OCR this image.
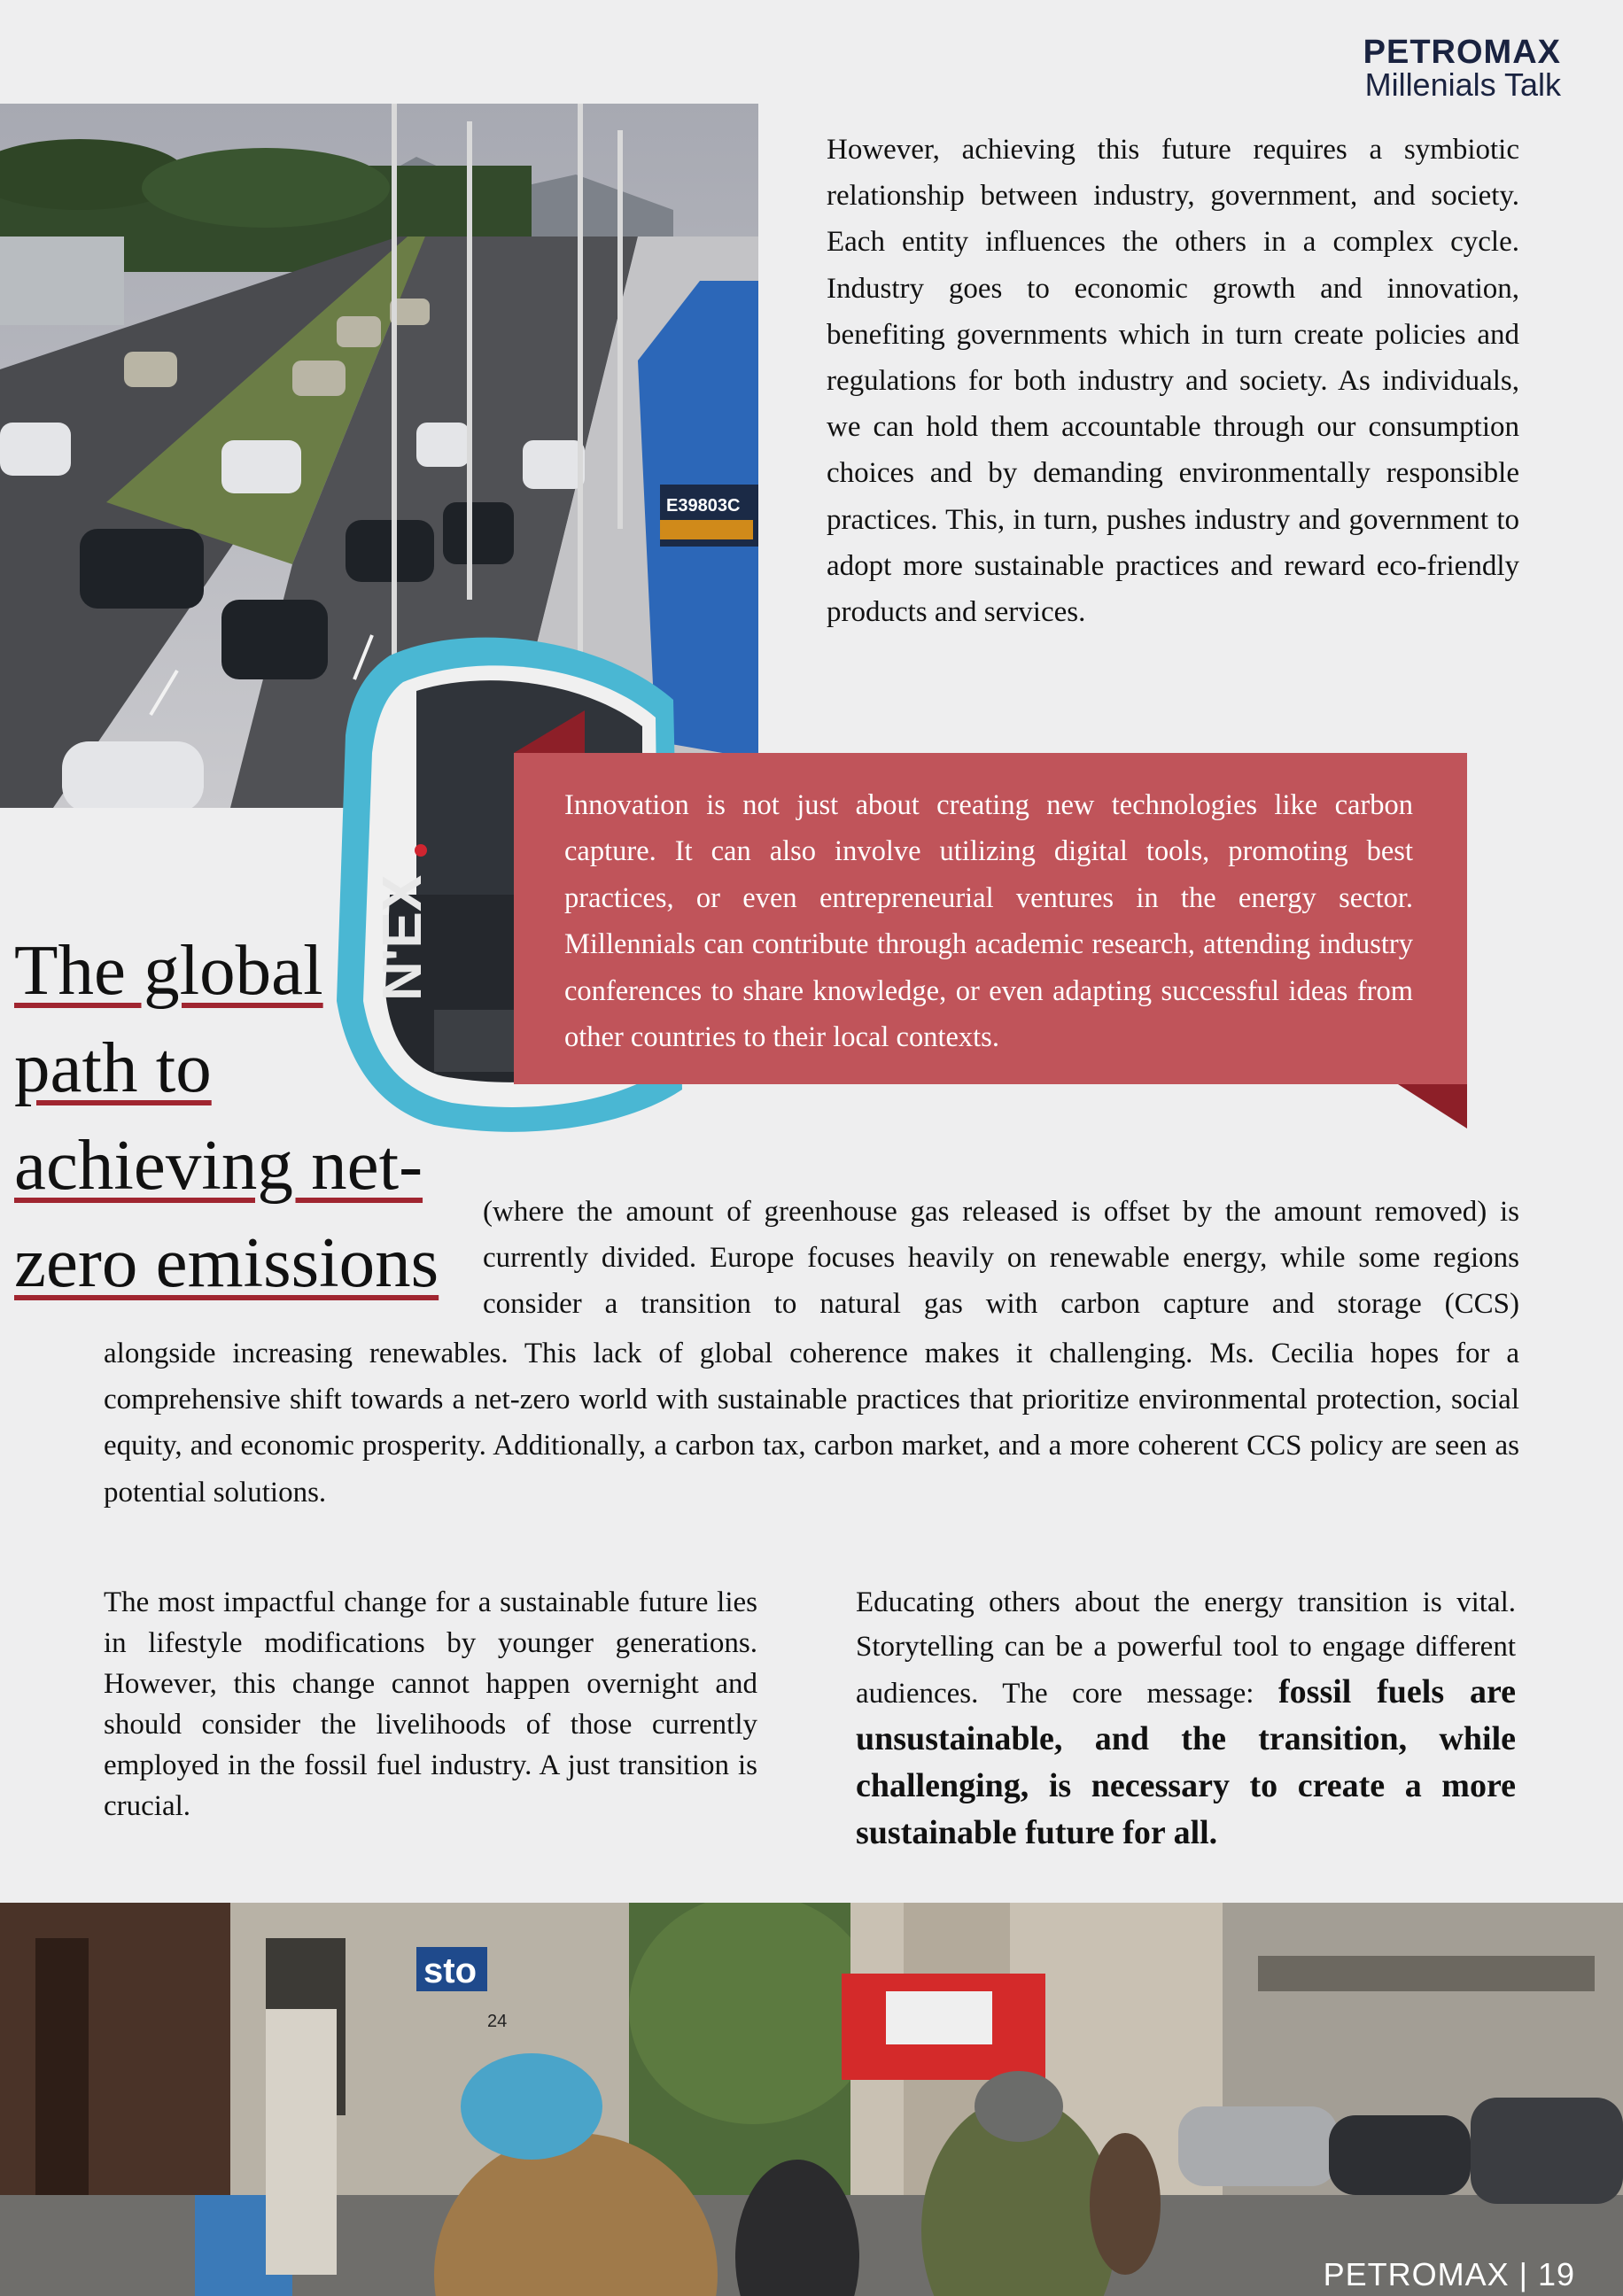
PETROMAX
Millenials Talk
E39803C
N'EX

However, achieving this future requires a symbiotic relationship between industry, government, and society. Each entity influences the others in a complex cycle. Industry goes to economic growth and innovation, benefiting governments which in turn create policies and regulations for both industry and society. As individuals, we can hold them accountable through our consumption choices and by demanding environmentally responsible practices. This, in turn, pushes industry and government to adopt more sustainable practices and reward eco-friendly products and services.

Innovation is not just about creating new technologies like carbon capture. It can also involve utilizing digital tools, promoting best practices, or even entrepreneurial ventures in the energy sector. Millennials can contribute through academic research, attending industry conferences to share knowledge, or even adapting successful ideas from other countries to their local contexts.

The global
path to
achieving net-
zero emissions

(where the amount of greenhouse gas released is offset by the amount removed) is currently divided. Europe focuses heavily on renewable energy, while some regions consider a transition to natural gas with carbon capture and storage (CCS)

alongside increasing renewables. This lack of global coherence makes it challenging. Ms. Cecilia hopes for a comprehensive shift towards a net-zero world with sustainable practices that prioritize environmental protection, social equity, and economic prosperity. Additionally, a carbon tax, carbon market, and a more coherent CCS policy are seen as potential solutions.

The most impactful change for a sustainable future lies in lifestyle modifications by younger generations. However, this change cannot happen overnight and should consider the livelihoods of those currently employed in the fossil fuel industry. A just transition is crucial.

Educating others about the energy transition is vital. Storytelling can be a powerful tool to engage different audiences. The core message: fossil fuels are unsustainable, and the transition, while challenging, is necessary to create a more sustainable future for all.

sto
24
PETROMAX | 19
